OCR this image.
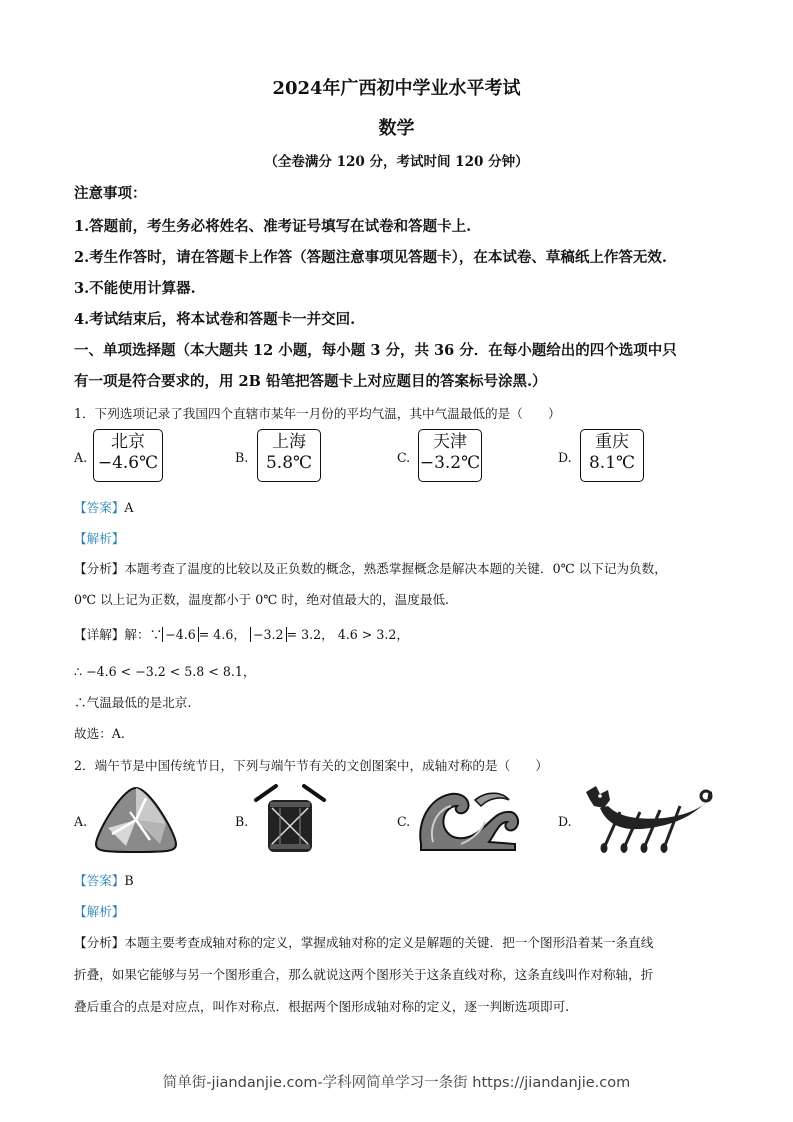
2024年广西初中学业水平考试
数学
（全卷满分 120 分，考试时间 120 分钟）
注意事项：
1.答题前，考生务必将姓名、准考证号填写在试卷和答题卡上.
2.考生作答时，请在答题卡上作答（答题注意事项见答题卡），在本试卷、草稿纸上作答无效.
3.不能使用计算器.
4.考试结束后，将本试卷和答题卡一并交回.
一、单项选择题（本大题共 12 小题，每小题 3 分，共 36 分．在每小题给出的四个选项中只
有一项是符合要求的，用 2B 铅笔把答题卡上对应题目的答案标号涂黑.）
1．下列选项记录了我国四个直辖市某年一月份的平均气温，其中气温最低的是（　　）
A.
北京
−4.6℃	B.
上海
5.8℃	C.
天津
−3.2℃	D.
重庆
8.1℃
【答案】A
【解析】
【分析】本题考查了温度的比较以及正负数的概念，熟悉掌握概念是解决本题的关键．0℃ 以下记为负数，
0℃ 以上记为正数，温度都小于 0℃ 时，绝对值最大的，温度最低.
【详解】解：∵ −4.6 = 4.6， −3.2 = 3.2， 4.6 > 3.2，
∴ −4.6 < −3.2 < 5.8 < 8.1，
∴气温最低的是北京.
故选：A.
2．端午节是中国传统节日，下列与端午节有关的文创图案中，成轴对称的是（　　）
A.	B.	C.	D.
【答案】B
【解析】
【分析】本题主要考查成轴对称的定义，掌握成轴对称的定义是解题的关键．把一个图形沿着某一条直线
折叠，如果它能够与另一个图形重合，那么就说这两个图形关于这条直线对称，这条直线叫作对称轴，折
叠后重合的点是对应点，叫作对称点．根据两个图形成轴对称的定义，逐一判断选项即可.
简单街-jiandanjie.com-学科网简单学习一条街 https://jiandanjie.com
